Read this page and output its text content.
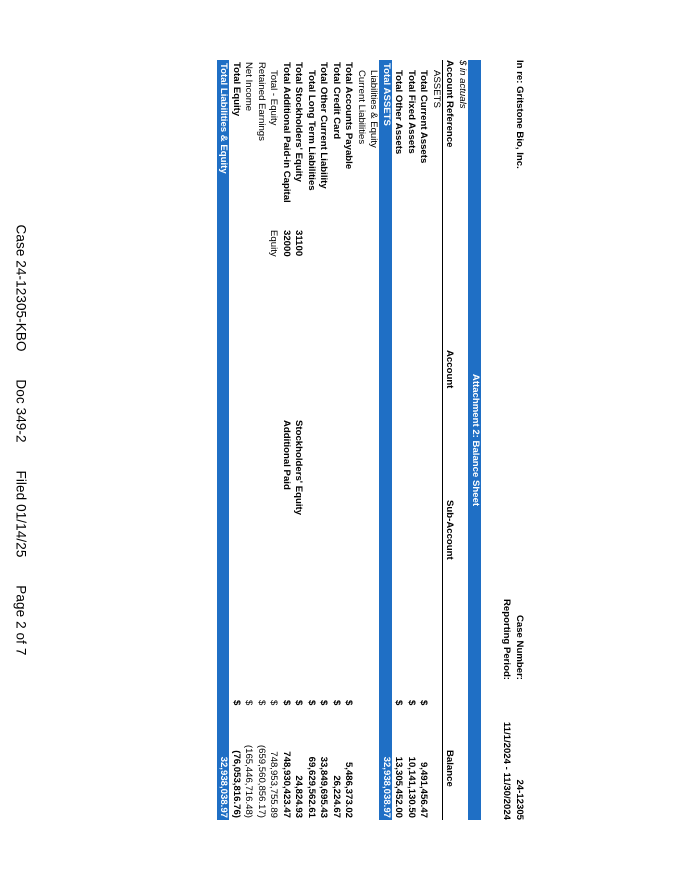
Case 24-12305-KBO Doc 349-2 Filed 01/14/25 Page 2 of 7
In re: Gritstone Bio, Inc.
Case Number:
24-12305
Reporting Period:
11/1/2024 - 11/30/2024
Attachment 2: Balance Sheet
$ in actuals
Account Reference
Account
Sub-Account
Balance
ASSETS
Total Current Assets
$
9,491,456.47
Total Fixed Assets
$
10,141,130.50
Total Other Assets
$
13,305,452.00
Total ASSETS
32,938,038.97
Liabilities & Equity
Current Liabilities
Total Accounts Payable
$
5,486,373.02
Total Credit Card
$
26,224.67
Total Other Current Liability
$
33,849,695.43
Total Long Term Liabilities
$
69,629,562.61
Total Stockholders' Equity
31100
Stockholders' Equity
$
24,824.93
Total Additional Paid-in Capital
32000
Additional Paid
$
748,930,423.47
Total - Equity
Equity
$
748,953,755.89
Retained Earnings
$
(659,560,856.17)
Net Income
$
(165,446,716.48)
Total Equity
$
(76,053,816.76)
Total Liabilities & Equity
32,938,038.97
